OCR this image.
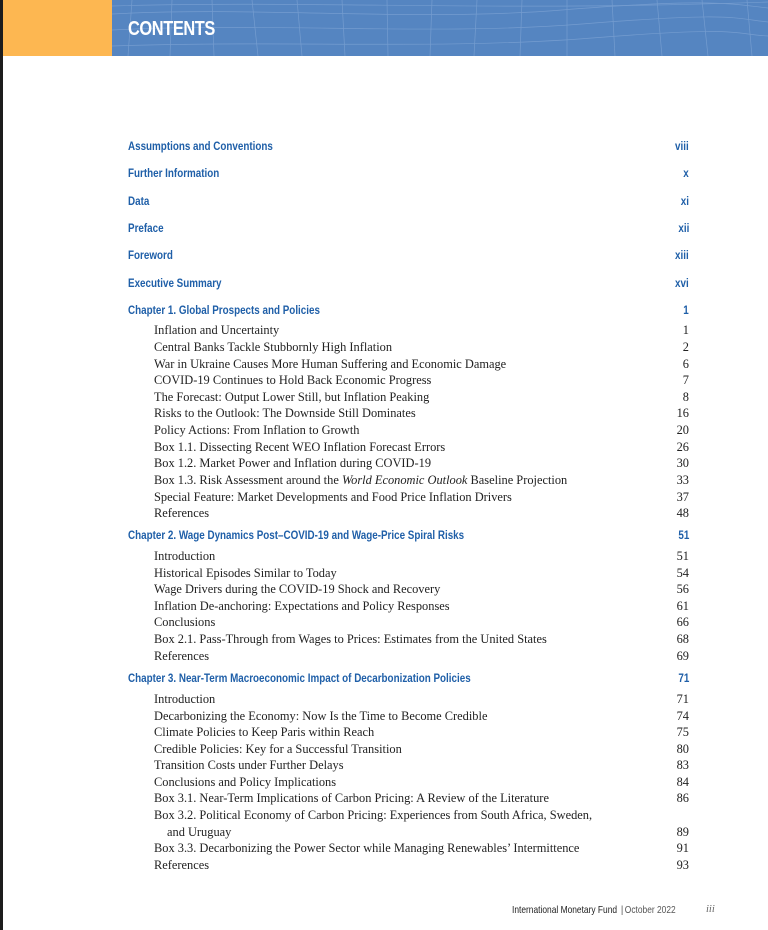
CONTENTS
Assumptions and Conventions	viii
Further Information	x
Data	xi
Preface	xii
Foreword	xiii
Executive Summary	xvi
Chapter 1. Global Prospects and Policies	1
Inflation and Uncertainty	1
Central Banks Tackle Stubbornly High Inflation	2
War in Ukraine Causes More Human Suffering and Economic Damage	6
COVID-19 Continues to Hold Back Economic Progress	7
The Forecast: Output Lower Still, but Inflation Peaking	8
Risks to the Outlook: The Downside Still Dominates	16
Policy Actions: From Inflation to Growth	20
Box 1.1. Dissecting Recent WEO Inflation Forecast Errors	26
Box 1.2. Market Power and Inflation during COVID-19	30
Box 1.3. Risk Assessment around the World Economic Outlook Baseline Projection	33
Special Feature: Market Developments and Food Price Inflation Drivers	37
References	48
Chapter 2. Wage Dynamics Post–COVID-19 and Wage-Price Spiral Risks	51
Introduction	51
Historical Episodes Similar to Today	54
Wage Drivers during the COVID-19 Shock and Recovery	56
Inflation De-anchoring: Expectations and Policy Responses	61
Conclusions	66
Box 2.1. Pass-Through from Wages to Prices: Estimates from the United States	68
References	69
Chapter 3. Near-Term Macroeconomic Impact of Decarbonization Policies	71
Introduction	71
Decarbonizing the Economy: Now Is the Time to Become Credible	74
Climate Policies to Keep Paris within Reach	75
Credible Policies: Key for a Successful Transition	80
Transition Costs under Further Delays	83
Conclusions and Policy Implications	84
Box 3.1. Near-Term Implications of Carbon Pricing: A Review of the Literature	86
Box 3.2. Political Economy of Carbon Pricing: Experiences from South Africa, Sweden,
and Uruguay	89
Box 3.3. Decarbonizing the Power Sector while Managing Renewables’ Intermittence	91
References	93
International Monetary Fund | October 2022	iii
